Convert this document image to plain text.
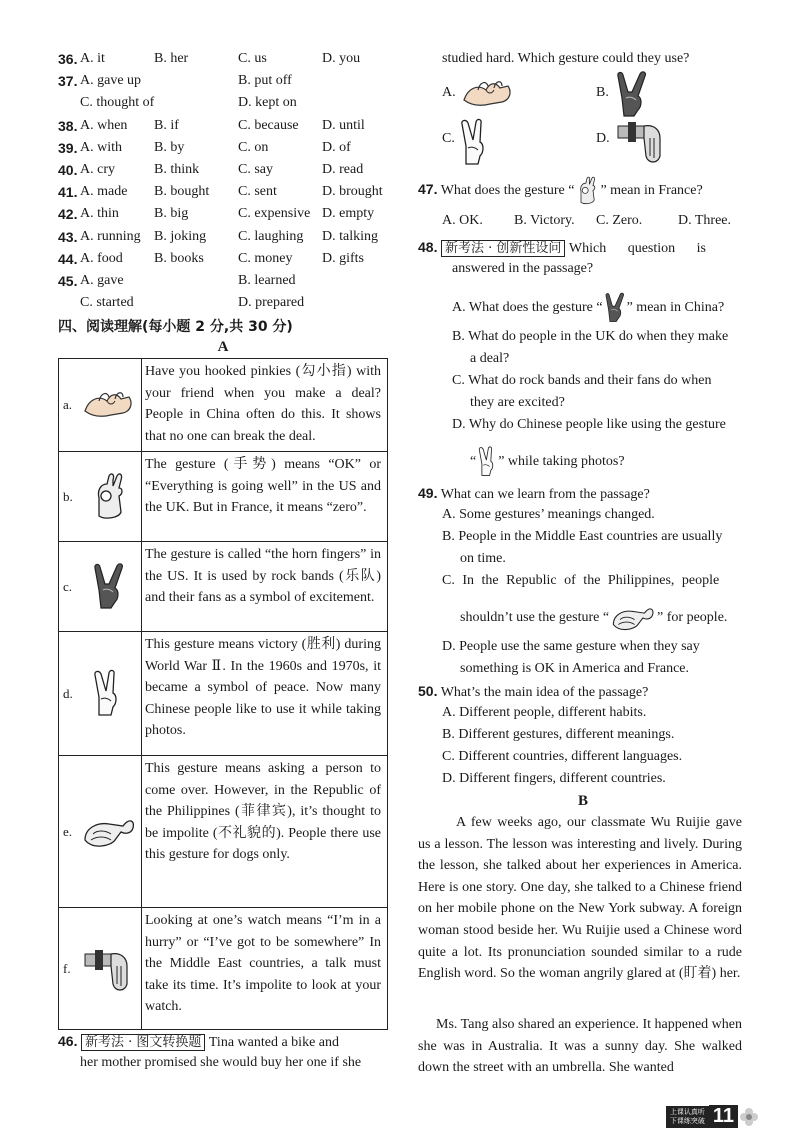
36. A. it	B. her	C. us	D. you
37. A. gave up	B. put off
C. thought of	D. kept on
38. A. when B. if	C. because D. until
39. A. with B. by	C. on	D. of
40. A. cry	B. think	C. say	D. read
41. A. made B. bought C. sent	D. brought
42. A. thin	B. big	C. expensive D. empty
43. A. running B. joking C. laughing D. talking
44. A. food B. books C. money D. gifts
45. A. gave	B. learned
C. started	D. prepared
四、阅读理解(每小题 2 分,共 30 分)
A
a.
Have you hooked pinkies (勾小指) with your friend when you make a deal? People in China often do this. It shows that no one can break the deal.
b.
The gesture (手势) means “OK” or “Everything is going well” in the US and the UK. But in France, it means “zero”.
c.
The gesture is called “the horn fingers” in the US. It is used by rock bands (乐队) and their fans as a symbol of excitement.
d.
This gesture means victory (胜利) during World War Ⅱ. In the 1960s and 1970s, it became a symbol of peace. Now many Chinese people like to use it while taking photos.
e.
This gesture means asking a person to come over. However, in the Republic of the Philippines (菲律宾), it’s thought to be impolite (不礼貌的). People there use this gesture for dogs only.
f.
Looking at one’s watch means “I’m in a hurry” or “I’ve got to be somewhere” In the Middle East countries, a talk must take its time. It’s impolite to look at your watch.
46. 新考法 · 图文转换题 Tina wanted a bike and
her mother promised she would buy her one if she
studied hard. Which gesture could they use?
A.	B.
C.	D.
47. What does the gesture “ ” mean in France?
A. OK. B. Victory. C. Zero.	D. Three.
48. 新考法 · 创新性设问 Which question is
answered in the passage?
A. What does the gesture “ ” mean in China?
B. What do people in the UK do when they make
a deal?
C. What do rock bands and their fans do when
they are excited?
D. Why do Chinese people like using the gesture
“ ” while taking photos?
49. What can we learn from the passage?
A. Some gestures’ meanings changed.
B. People in the Middle East countries are usually
on time.
C. In the Republic of the Philippines, people
shouldn’t use the gesture “	” for people.
D. People use the same gesture when they say
something is OK in America and France.
50. What’s the main idea of the passage?
A. Different people, different habits.
B. Different gestures, different meanings.
C. Different countries, different languages.
D. Different fingers, different countries.
B
A few weeks ago, our classmate Wu Ruijie gave us a lesson. The lesson was interesting and lively. During the lesson, she talked about her experiences in America. Here is one story. One day, she talked to a Chinese friend on her mobile phone on the New York subway. A foreign woman stood beside her. Wu Ruijie used a Chinese word quite a lot. Its pronunciation sounded similar to a rude English word. So the woman angrily glared at (盯着) her.
Ms. Tang also shared an experience. It happened when she was in Australia. It was a sunny day. She walked down the street with an umbrella. She wanted
上课认真听
下课练突破 11
